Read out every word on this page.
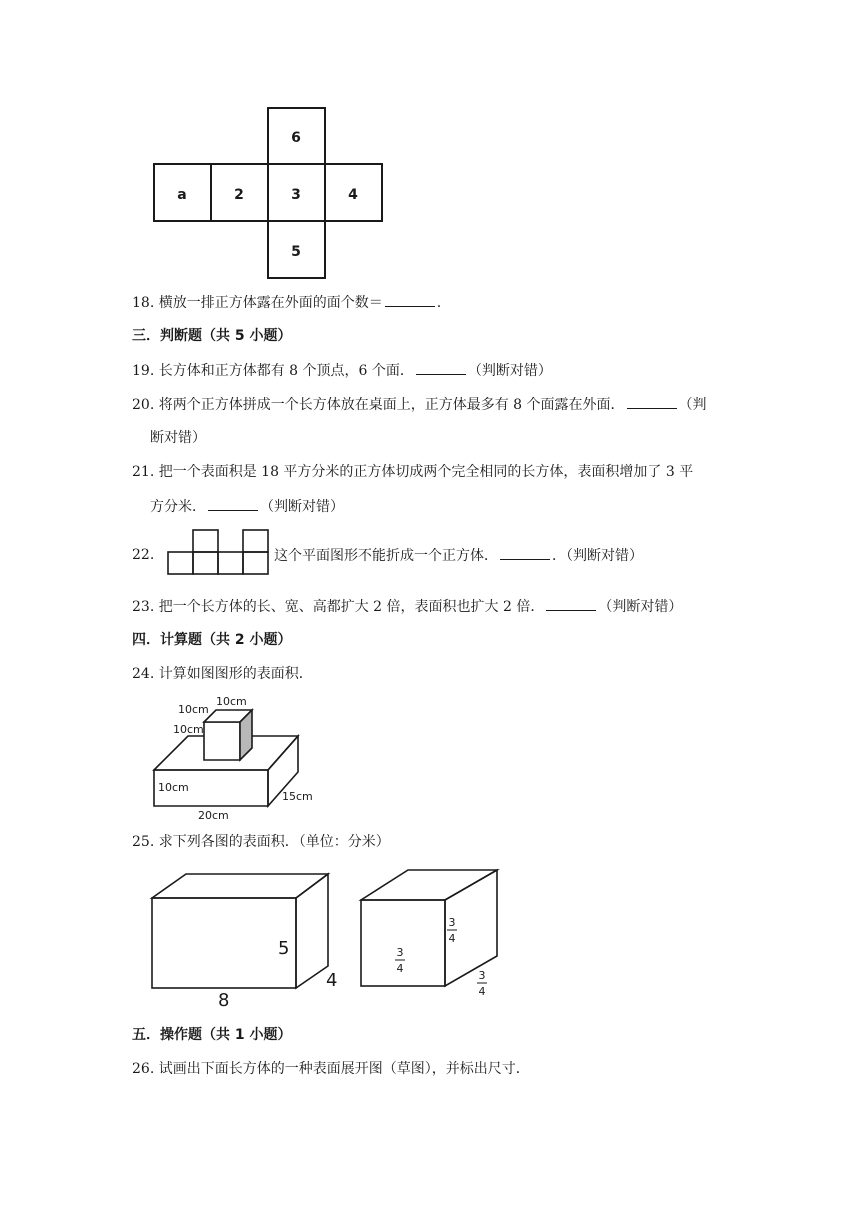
6
a	2	3	4
5
18. 横放一排正方体露在外面的面个数＝	.
三．判断题（共 5 小题）
19. 长方体和正方体都有 8 个顶点，6 个面．	（判断对错）
20. 将两个正方体拼成一个长方体放在桌面上，正方体最多有 8 个面露在外面．	（判
断对错）
21. 把一个表面积是 18 平方分米的正方体切成两个完全相同的长方体，表面积增加了 3 平
方分米．	（判断对错）
22.	这个平面图形不能折成一个正方体．	．（判断对错）
23. 把一个长方体的长、宽、高都扩大 2 倍，表面积也扩大 2 倍．	（判断对错）
四．计算题（共 2 小题）
24. 计算如图图形的表面积．
10cm
10cm
10cm
10cm
20cm
15cm
25. 求下列各图的表面积．（单位：分米）
5
4
8
3
4
3
4
3
4
五．操作题（共 1 小题）
26. 试画出下面长方体的一种表面展开图（草图），并标出尺寸．
